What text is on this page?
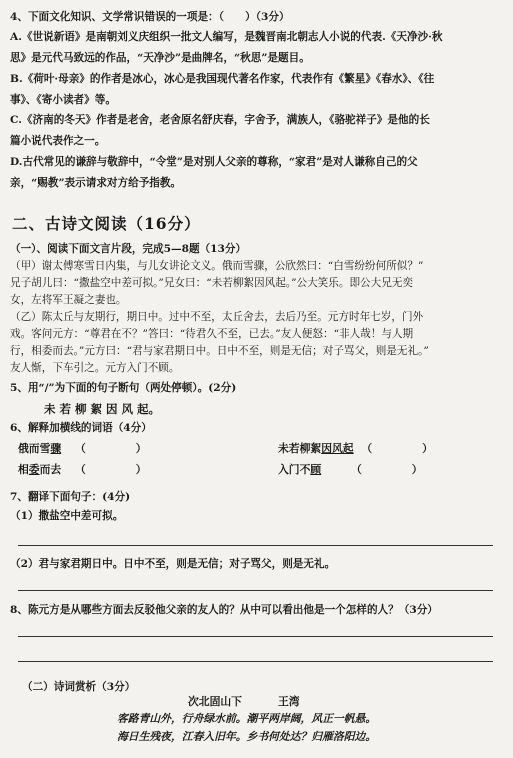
4、下面文化知识、文学常识错误的一项是：（　　）（3分）
A.《世说新语》是南朝刘义庆组织一批文人编写，是魏晋南北朝志人小说的代表.《天净沙·秋
思》是元代马致远的作品，“天净沙”是曲牌名，“秋思”是题目。
B.《荷叶·母亲》的作者是冰心，冰心是我国现代著名作家，代表作有《繁星》《春水》、《往
事》、《寄小读者》等。
C.《济南的冬天》作者是老舍，老舍原名舒庆春，字舍予，满族人，《骆驼祥子》是他的长
篇小说代表作之一。
D.古代常见的谦辞与敬辞中，“令堂”是对别人父亲的尊称，“家君”是对人谦称自己的父
亲，“赐教”表示请求对方给予指教。
二、古诗文阅读（16分）
（一）、阅读下面文言片段，完成5—8题（13分）
（甲）谢太傅寒雪日内集，与儿女讲论文义。俄而雪骤，公欣然曰：“白雪纷纷何所似？”
兄子胡儿曰：“撒盐空中差可拟。”兄女曰：“未若柳絮因风起。”公大笑乐。即公大兄无奕
女，左将军王凝之妻也。
（乙）陈太丘与友期行，期日中。过中不至，太丘舍去，去后乃至。元方时年七岁，门外
戏。客问元方：“尊君在不？”答曰：“待君久不至，已去。”友人便怒：“非人哉！与人期
行，相委而去。”元方曰：“君与家君期日中。日中不至，则是无信；对子骂父，则是无礼。”
友人惭，下车引之。元方入门不顾。
5、用“/”为下面的句子断句（两处停顿）。(2分)
未 若 柳 絮 因 风 起。
6、解释加横线的词语（4分）
俄而雪骤 （	）	未若柳絮因风起 （	）
相委而去 （	）	入门不顾	（	）
7、翻译下面句子：(4分)
（1）撒盐空中差可拟。
（2）君与家君期日中。日中不至，则是无信；对子骂父，则是无礼。
8、陈元方是从哪些方面去反驳他父亲的友人的？从中可以看出他是一个怎样的人？（3分）
（二）诗词赏析（3分）
次北固山下	王湾
客路青山外，行舟绿水前。潮平两岸阔，风正一帆悬。
海日生残夜，江春入旧年。乡书何处达？归雁洛阳边。
